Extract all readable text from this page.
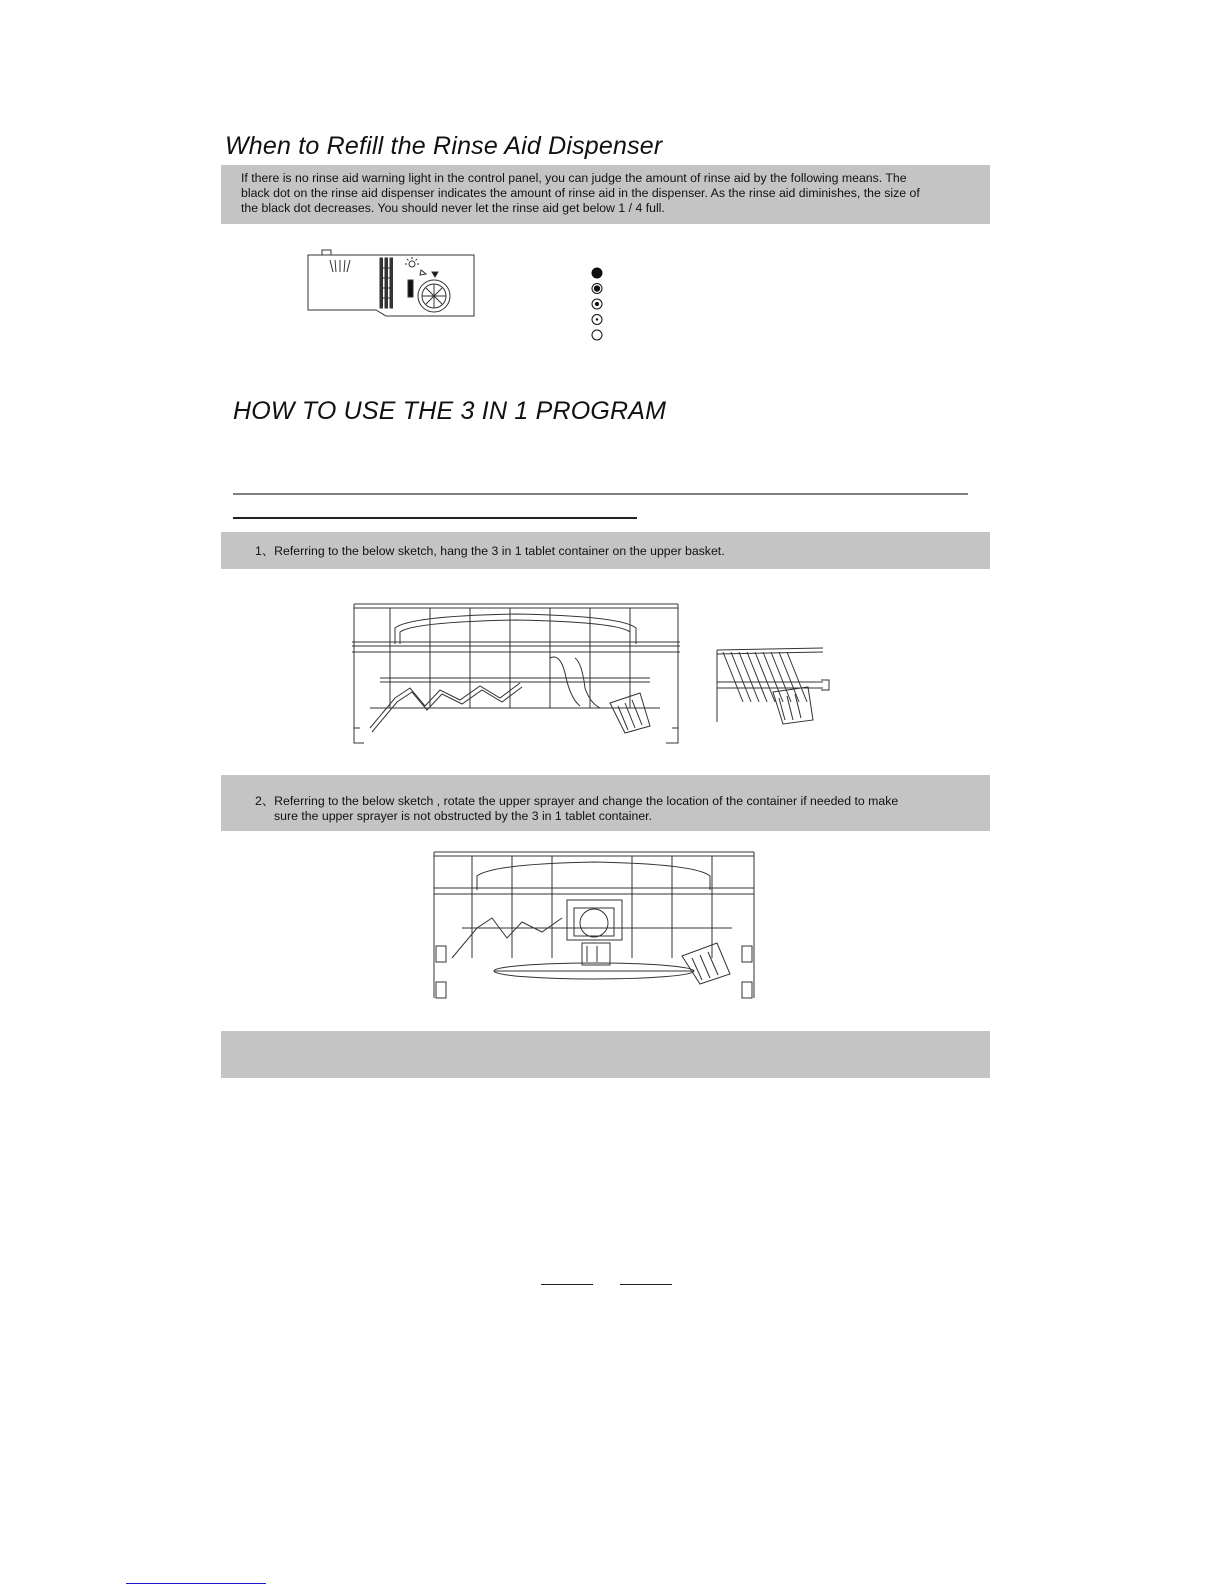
When to Refill the Rinse Aid Dispenser

If there is no rinse aid warning light in the control panel, you can judge the amount of rinse aid by the following means. The

black dot on the rinse aid dispenser indicates the amount of rinse aid in the dispenser. As the rinse aid diminishes, the size of

the black dot decreases. You should never let the rinse aid get below 1 / 4 full.

HOW TO USE THE 3 IN 1 PROGRAM

1、Referring to the below sketch, hang the 3 in 1 tablet container on the upper basket.

2、Referring to the below sketch , rotate the upper sprayer and change the location of the container if needed to make

sure the upper sprayer is not obstructed by the 3 in 1 tablet container.
